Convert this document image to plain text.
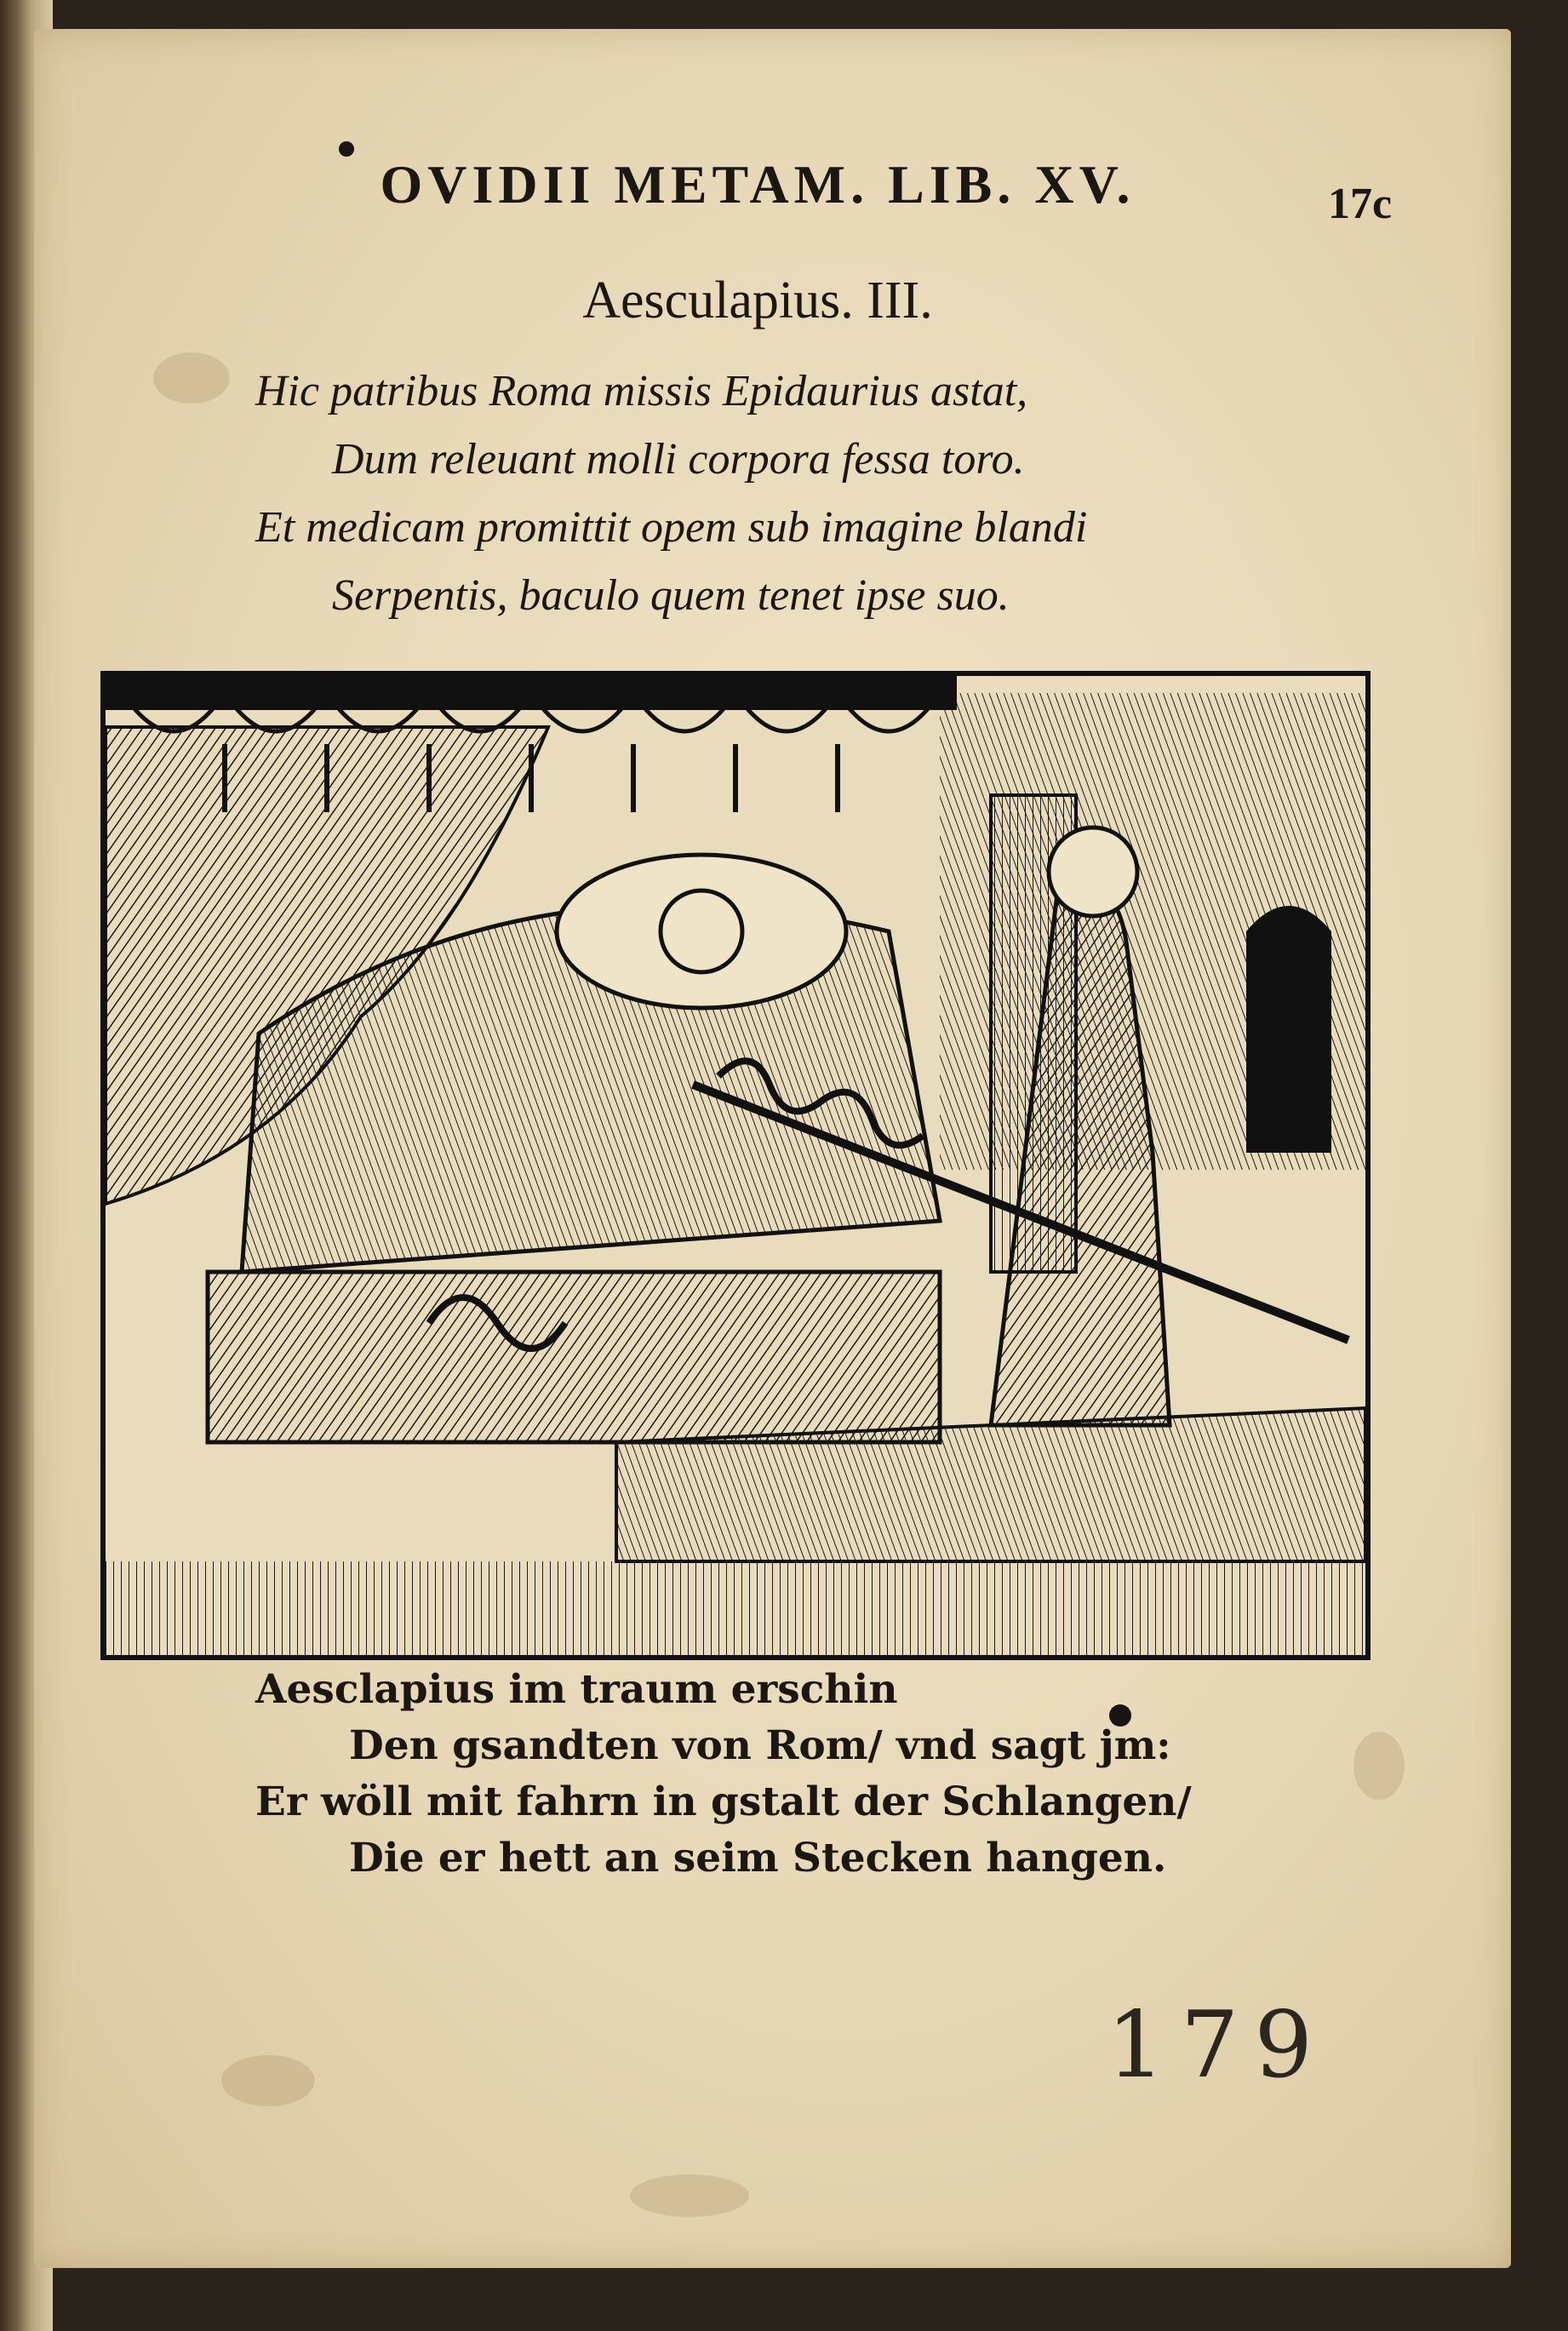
OVIDII METAM. LIB. XV.	17c
Aesculapius. III.
Hic patribus Roma missis Epidaurius astat,
Dum releuant molli corpora fessa toro.
Et medicam promittit opem sub imagine blandi
Serpentis, baculo quem tenet ipse suo.
Aesclapius im traum erschin
Den gsandten von Rom/ vnd sagt jm:
Er wöll mit fahrn in gstalt der Schlangen/
Die er hett an seim Stecken hangen.
179
